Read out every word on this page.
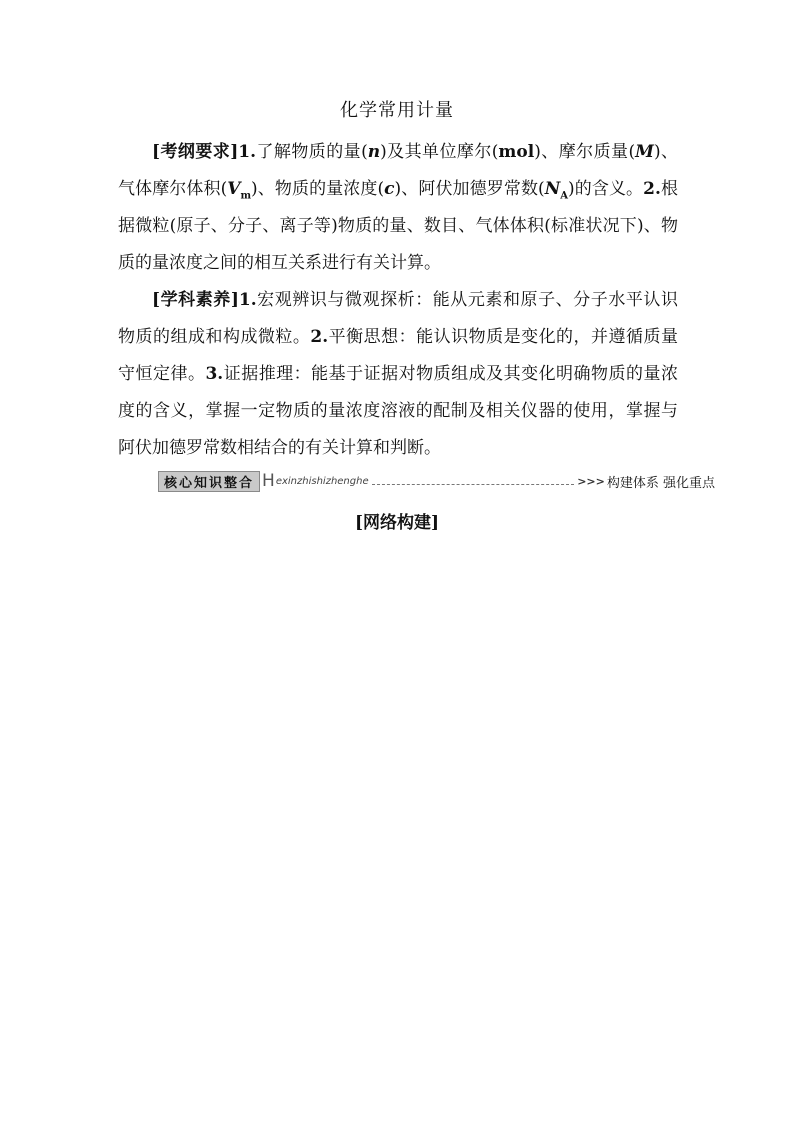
化学常用计量

[考纲要求]1.了解物质的量(n)及其单位摩尔(mol)、摩尔质量(M)、气体摩尔体积$(V_m)$、物质的量浓度(c)、阿伏加德罗常数$(N_A)$的含义。2.根据微粒(原子、分子、离子等)物质的量、数目、气体体积(标准状况下)、物质的量浓度之间的相互关系进行有关计算。

[学科素养]1.宏观辨识与微观探析：能从元素和原子、分子水平认识物质的组成和构成微粒。2.平衡思想：能认识物质是变化的，并遵循质量守恒定律。3.证据推理：能基于证据对物质组成及其变化明确物质的量浓度的含义，掌握一定物质的量浓度溶液的配制及相关仪器的使用，掌握与阿伏加德罗常数相结合的有关计算和判断。

核心知识整合 H exinzhishizhenghe	>>> 构建体系 强化重点
[网络构建]
